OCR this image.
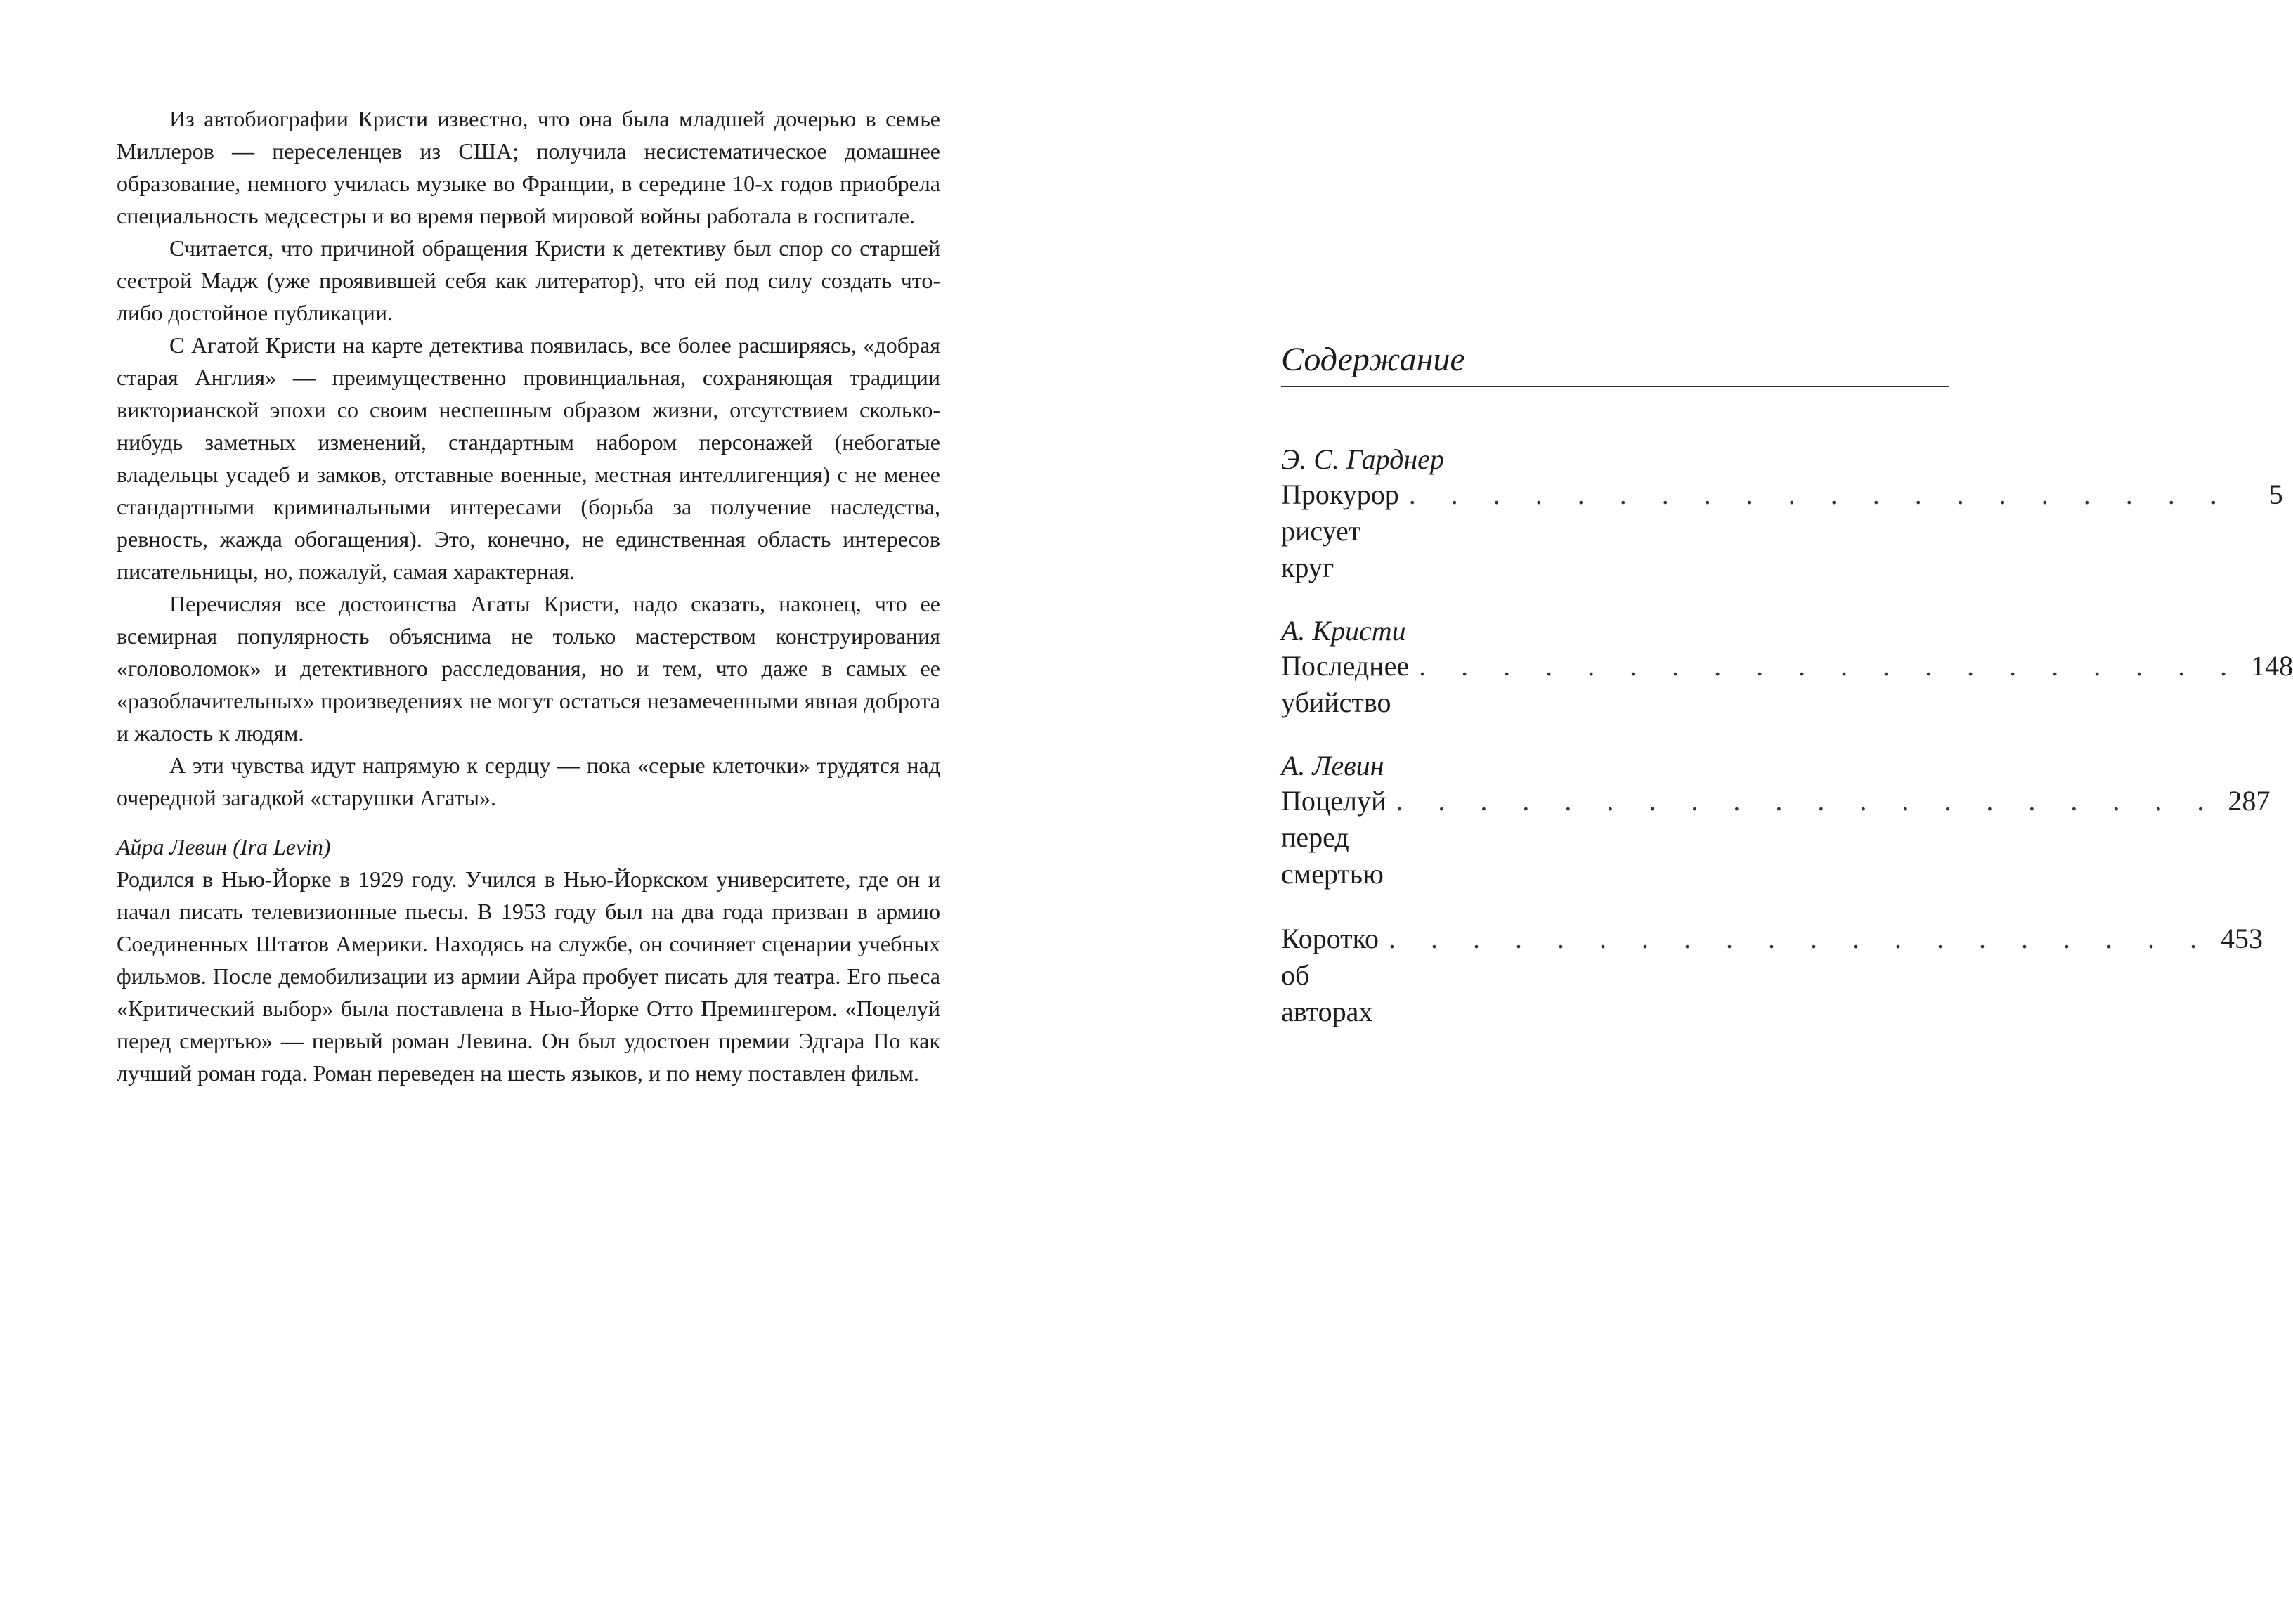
Из автобиографии Кристи известно, что она была младшей дочерью в семье Миллеров — переселенцев из США; получила несистематическое домашнее образование, немного училась музыке во Франции, в середине 10-х годов приобрела специальность медсестры и во время первой мировой войны работала в госпитале.

Считается, что причиной обращения Кристи к детективу был спор со старшей сестрой Мадж (уже проявившей себя как литератор), что ей под силу создать что-либо достойное публикации.

С Агатой Кристи на карте детектива появилась, все более расширяясь, «добрая старая Англия» — преимущественно провинциальная, сохраняющая традиции викторианской эпохи со своим неспешным образом жизни, отсутствием сколько-нибудь заметных изменений, стандартным набором персонажей (небогатые владельцы усадеб и замков, отставные военные, местная интеллигенция) с не менее стандартными криминальными интересами (борьба за получение наследства, ревность, жажда обогащения). Это, конечно, не единственная область интересов писательницы, но, пожалуй, самая характерная.

Перечисляя все достоинства Агаты Кристи, надо сказать, наконец, что ее всемирная популярность объяснима не только мастерством конструирования «головоломок» и детективного расследования, но и тем, что даже в самых ее «разоблачительных» произведениях не могут остаться незамеченными явная доброта и жалость к людям.

А эти чувства идут напрямую к сердцу — пока «серые клеточки» трудятся над очередной загадкой «старушки Агаты».

Айра Левин (Ira Levin)

Родился в Нью-Йорке в 1929 году. Учился в Нью-Йоркском университете, где он и начал писать телевизионные пьесы. В 1953 году был на два года призван в армию Соединенных Штатов Америки. Находясь на службе, он сочиняет сценарии учебных фильмов. После демобилизации из армии Айра пробует писать для театра. Его пьеса «Критический выбор» была поставлена в Нью-Йорке Отто Премингером. «Поцелуй перед смертью» — первый роман Левина. Он был удостоен премии Эдгара По как лучший роман года. Роман переведен на шесть языков, и по нему поставлен фильм.

Содержание
Э. С. Гарднер
Прокурор рисует круг
. . . . . . . . . . . . . . . . . . . .	5
А. Кристи
Последнее убийство
. . . . . . . . . . . . . . . . . . . . 148
А. Левин
Поцелуй перед смертью
. . . . . . . . . . . . . . . . . . . . 287
Коротко об авторах
. . . . . . . . . . . . . . . . . . . . 453
